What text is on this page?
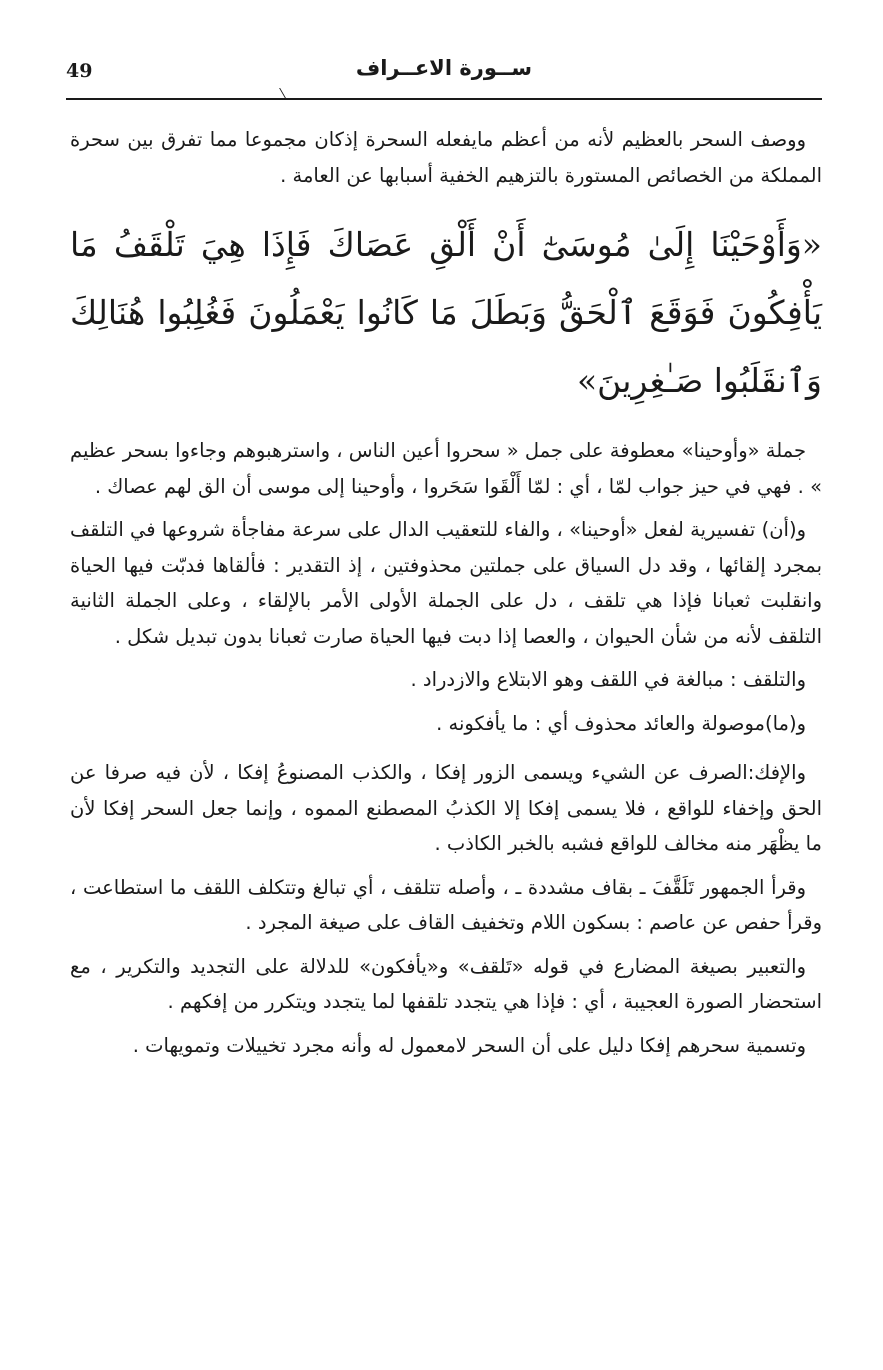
49	ســورة الاعــراف

ووصف السحر بالعظيم لأنه من أعظم مايفعله السحرة إذكان مجموعا مما تفرق بين سحرة المملكة من الخصائص المستورة بالتزهيم الخفية أسبابها عن العامة .

«وَأَوْحَيْنَا إِلَىٰ مُوسَىٰٓ أَنْ أَلْقِ عَصَاكَ فَإِذَا هِيَ تَلْقَفُ مَا يَأْفِكُونَ فَوَقَعَ ٱلْحَقُّ وَبَطَلَ مَا كَانُوا يَعْمَلُونَ فَغُلِبُوا هُنَالِكَ وَٱنقَلَبُوا صَـٰغِرِينَ»

جملة «وأوحينا» معطوفة على جمل « سحروا أعين الناس ، واسترهبوهم وجاءوا بسحر عظيم » . فهي في حيز جواب لمّا ، أي : لمّا أَلْقَوا سَحَروا ، وأوحينا إلى موسى أن الق لهم عصاك .

و(أن) تفسيرية لفعل «أوحينا» ، والفاء للتعقيب الدال على سرعة مفاجأة شروعها في التلقف بمجرد إلقائها ، وقد دل السياق على جملتين محذوفتين ، إذ التقدير : فألقاها فدبّت فيها الحياة وانقلبت ثعبانا فإذا هي تلقف ، دل على الجملة الأولى الأمر بالإلقاء ، وعلى الجملة الثانية التلقف لأنه من شأن الحيوان ، والعصا إذا دبت فيها الحياة صارت ثعبانا بدون تبديل شكل .

والتلقف : مبالغة في اللقف وهو الابتلاع والازدراد .

و(ما)موصولة والعائد محذوف أي : ما يأفكونه .

والإفك:الصرف عن الشيء ويسمى الزور إفكا ، والكذب المصنوعُ إفكا ، لأن فيه صرفا عن الحق وإخفاء للواقع ، فلا يسمى إفكا إلا الكذبُ المصطنع المموه ، وإنما جعل السحر إفكا لأن ما يظْهَر منه مخالف للواقع فشبه بالخبر الكاذب .

وقرأ الجمهور تَلَقَّفَ ـ بقاف مشددة ـ ، وأصله تتلقف ، أي تبالغ وتتكلف اللقف ما استطاعت ، وقرأ حفص عن عاصم : بسكون اللام وتخفيف القاف على صيغة المجرد .

والتعبير بصيغة المضارع في قوله «تَلقف» و«يأفكون» للدلالة على التجديد والتكرير ، مع استحضار الصورة العجيبة ، أي : فإذا هي يتجدد تلقفها لما يتجدد ويتكرر من إفكهم .

وتسمية سحرهم إفكا دليل على أن السحر لامعمول له وأنه مجرد تخييلات وتمويهات .
